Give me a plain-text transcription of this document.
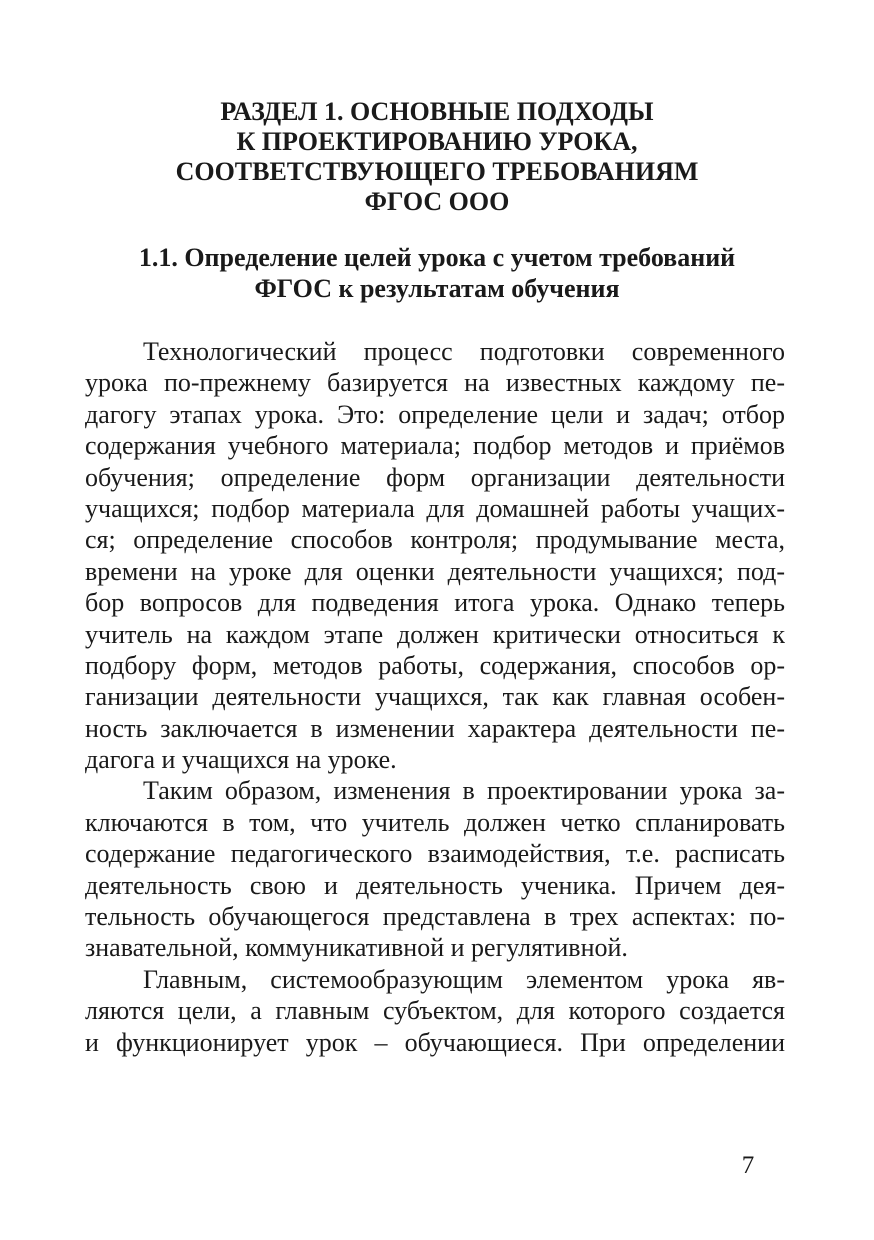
РАЗДЕЛ 1. ОСНОВНЫЕ ПОДХОДЫ
К ПРОЕКТИРОВАНИЮ УРОКА,
СООТВЕТСТВУЮЩЕГО ТРЕБОВАНИЯМ
ФГОС ООО
1.1. Определение целей урока с учетом требований
ФГОС к результатам обучения
Технологический процесс подготовки современного
урока по-прежнему базируется на известных каждому пе-
дагогу этапах урока. Это: определение цели и задач; отбор
содержания учебного материала; подбор методов и приёмов
обучения; определение форм организации деятельности
учащихся; подбор материала для домашней работы учащих-
ся; определение способов контроля; продумывание места,
времени на уроке для оценки деятельности учащихся; под-
бор вопросов для подведения итога урока. Однако теперь
учитель на каждом этапе должен критически относиться к
подбору форм, методов работы, содержания, способов ор-
ганизации деятельности учащихся, так как главная особен-
ность заключается в изменении характера деятельности пе-
дагога и учащихся на уроке.
Таким образом, изменения в проектировании урока за-
ключаются в том, что учитель должен четко спланировать
содержание педагогического взаимодействия, т.е. расписать
деятельность свою и деятельность ученика. Причем дея-
тельность обучающегося представлена в трех аспектах: по-
знавательной, коммуникативной и регулятивной.
Главным, системообразующим элементом урока яв-
ляются цели, а главным субъектом, для которого создается
и функционирует урок – обучающиеся. При определении
7
